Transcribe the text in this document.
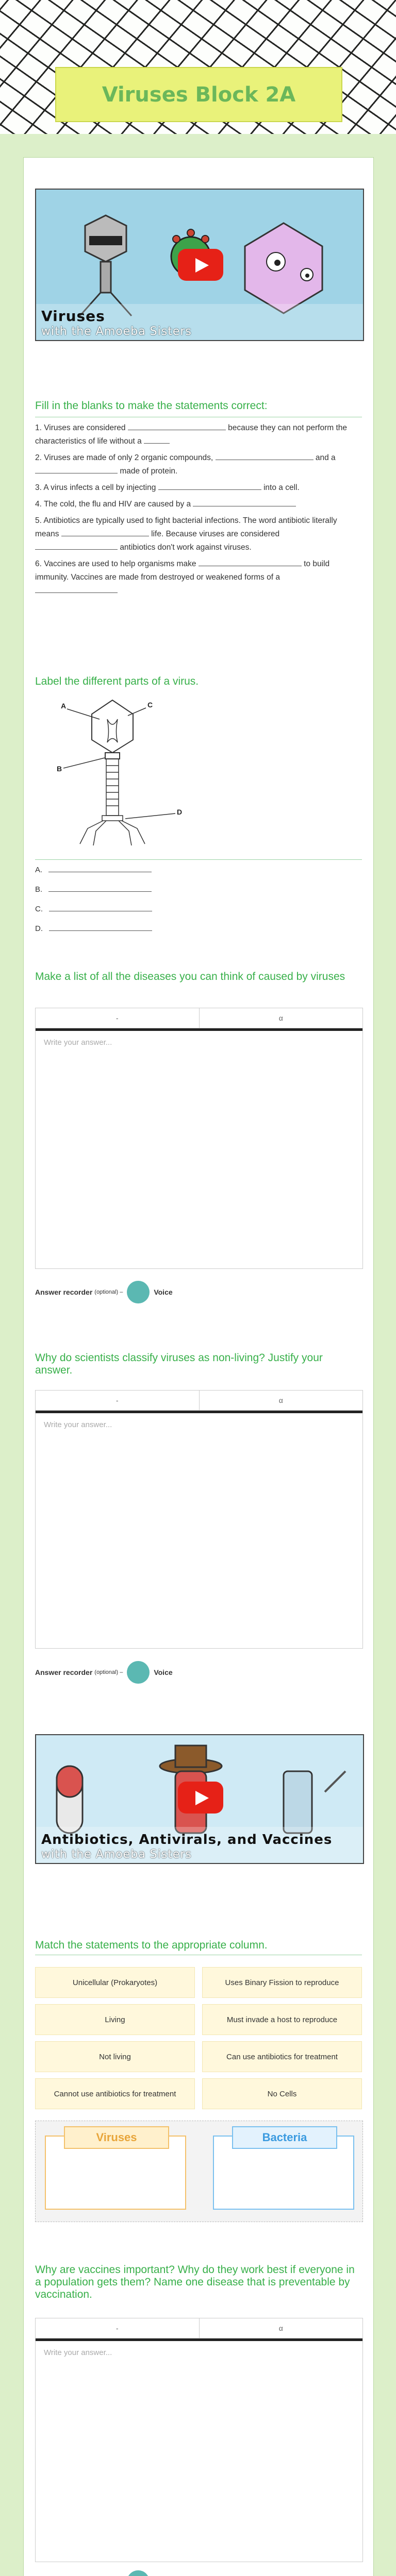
Viruses Block 2A
Viruses
with the Amoeba Sisters
Fill in the blanks to make the statements correct:

1. Viruses are considered	because they can not perform the characteristics of life without a

2. Viruses are made of only 2 organic compounds,	and a  made of protein.

3. A virus infects a cell by injecting	into a cell.

4. The cold, the flu and HIV are caused by a

5. Antibiotics are typically used to fight bacterial infections. The word antibiotic literally means	life. Because viruses are considered  antibiotics don't work against viruses.

6. Vaccines are used to help organisms make	to build immunity. Vaccines are made from destroyed or weakened forms of a

Label the different parts of a virus.
A	C
B
D
A.
B.
C.
D.
Make a list of all the diseases you can think of caused by viruses
-	α
Write your answer...
Answer recorder (optional) –	Voice
Why do scientists classify viruses as non-living? Justify your answer.
-	α
Write your answer...
Answer recorder (optional) –	Voice
Antibiotics, Antivirals, and Vaccines
with the Amoeba Sisters
Match the statements to the appropriate column.
Unicellular (Prokaryotes)	Uses Binary Fission to reproduce
Living	Must invade a host to reproduce
Not living	Can use antibiotics for treatment
Cannot use antibiotics for treatment	No Cells
Viruses	Bacteria
Why are vaccines important? Why do they work best if everyone in a population gets them? Name one disease that is preventable by vaccination.
-	α
Write your answer...
